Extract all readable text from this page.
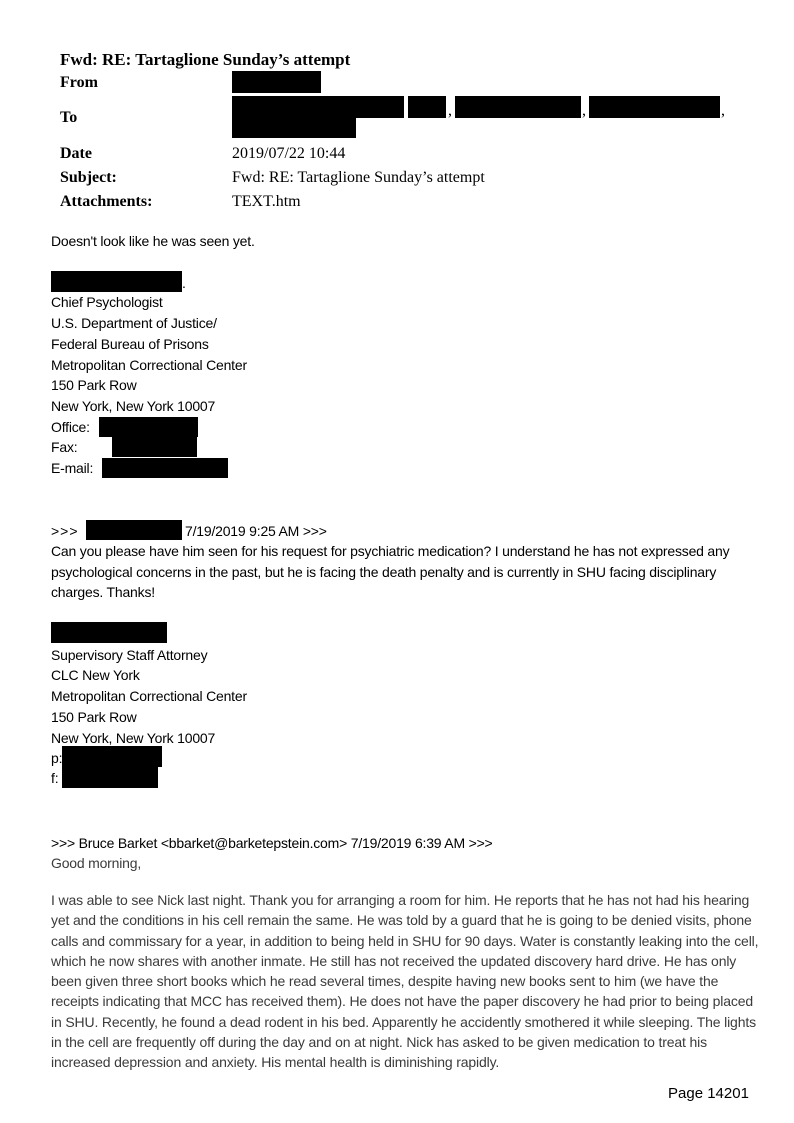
Fwd: RE: Tartaglione Sunday’s attempt
From
To	,	,	,
Date	2019/07/22 10:44
Subject:	Fwd: RE: Tartaglione Sunday’s attempt
Attachments:	TEXT.htm
Doesn't look like he was seen yet.
.
Chief Psychologist
U.S. Department of Justice/
Federal Bureau of Prisons
Metropolitan Correctional Center
150 Park Row
New York, New York 10007
Office:
Fax:
E-mail:
>>>	7/19/2019 9:25 AM >>>
Can you please have him seen for his request for psychiatric medication? I understand he has not expressed any psychological concerns in the past, but he is facing the death penalty and is currently in SHU facing disciplinary charges. Thanks!
Supervisory Staff Attorney
CLC New York
Metropolitan Correctional Center
150 Park Row
New York, New York 10007
p:
f:
>>> Bruce Barket <bbarket@barketepstein.com> 7/19/2019 6:39 AM >>>
Good morning,

I was able to see Nick last night. Thank you for arranging a room for him. He reports that he has not had his hearing yet and the conditions in his cell remain the same. He was told by a guard that he is going to be denied visits, phone calls and commissary for a year, in addition to being held in SHU for 90 days. Water is constantly leaking into the cell, which he now shares with another inmate. He still has not received the updated discovery hard drive. He has only been given three short books which he read several times, despite having new books sent to him (we have the receipts indicating that MCC has received them). He does not have the paper discovery he had prior to being placed in SHU. Recently, he found a dead rodent in his bed. Apparently he accidently smothered it while sleeping. The lights in the cell are frequently off during the day and on at night. Nick has asked to be given medication to treat his increased depression and anxiety. His mental health is diminishing rapidly.

Page 14201
